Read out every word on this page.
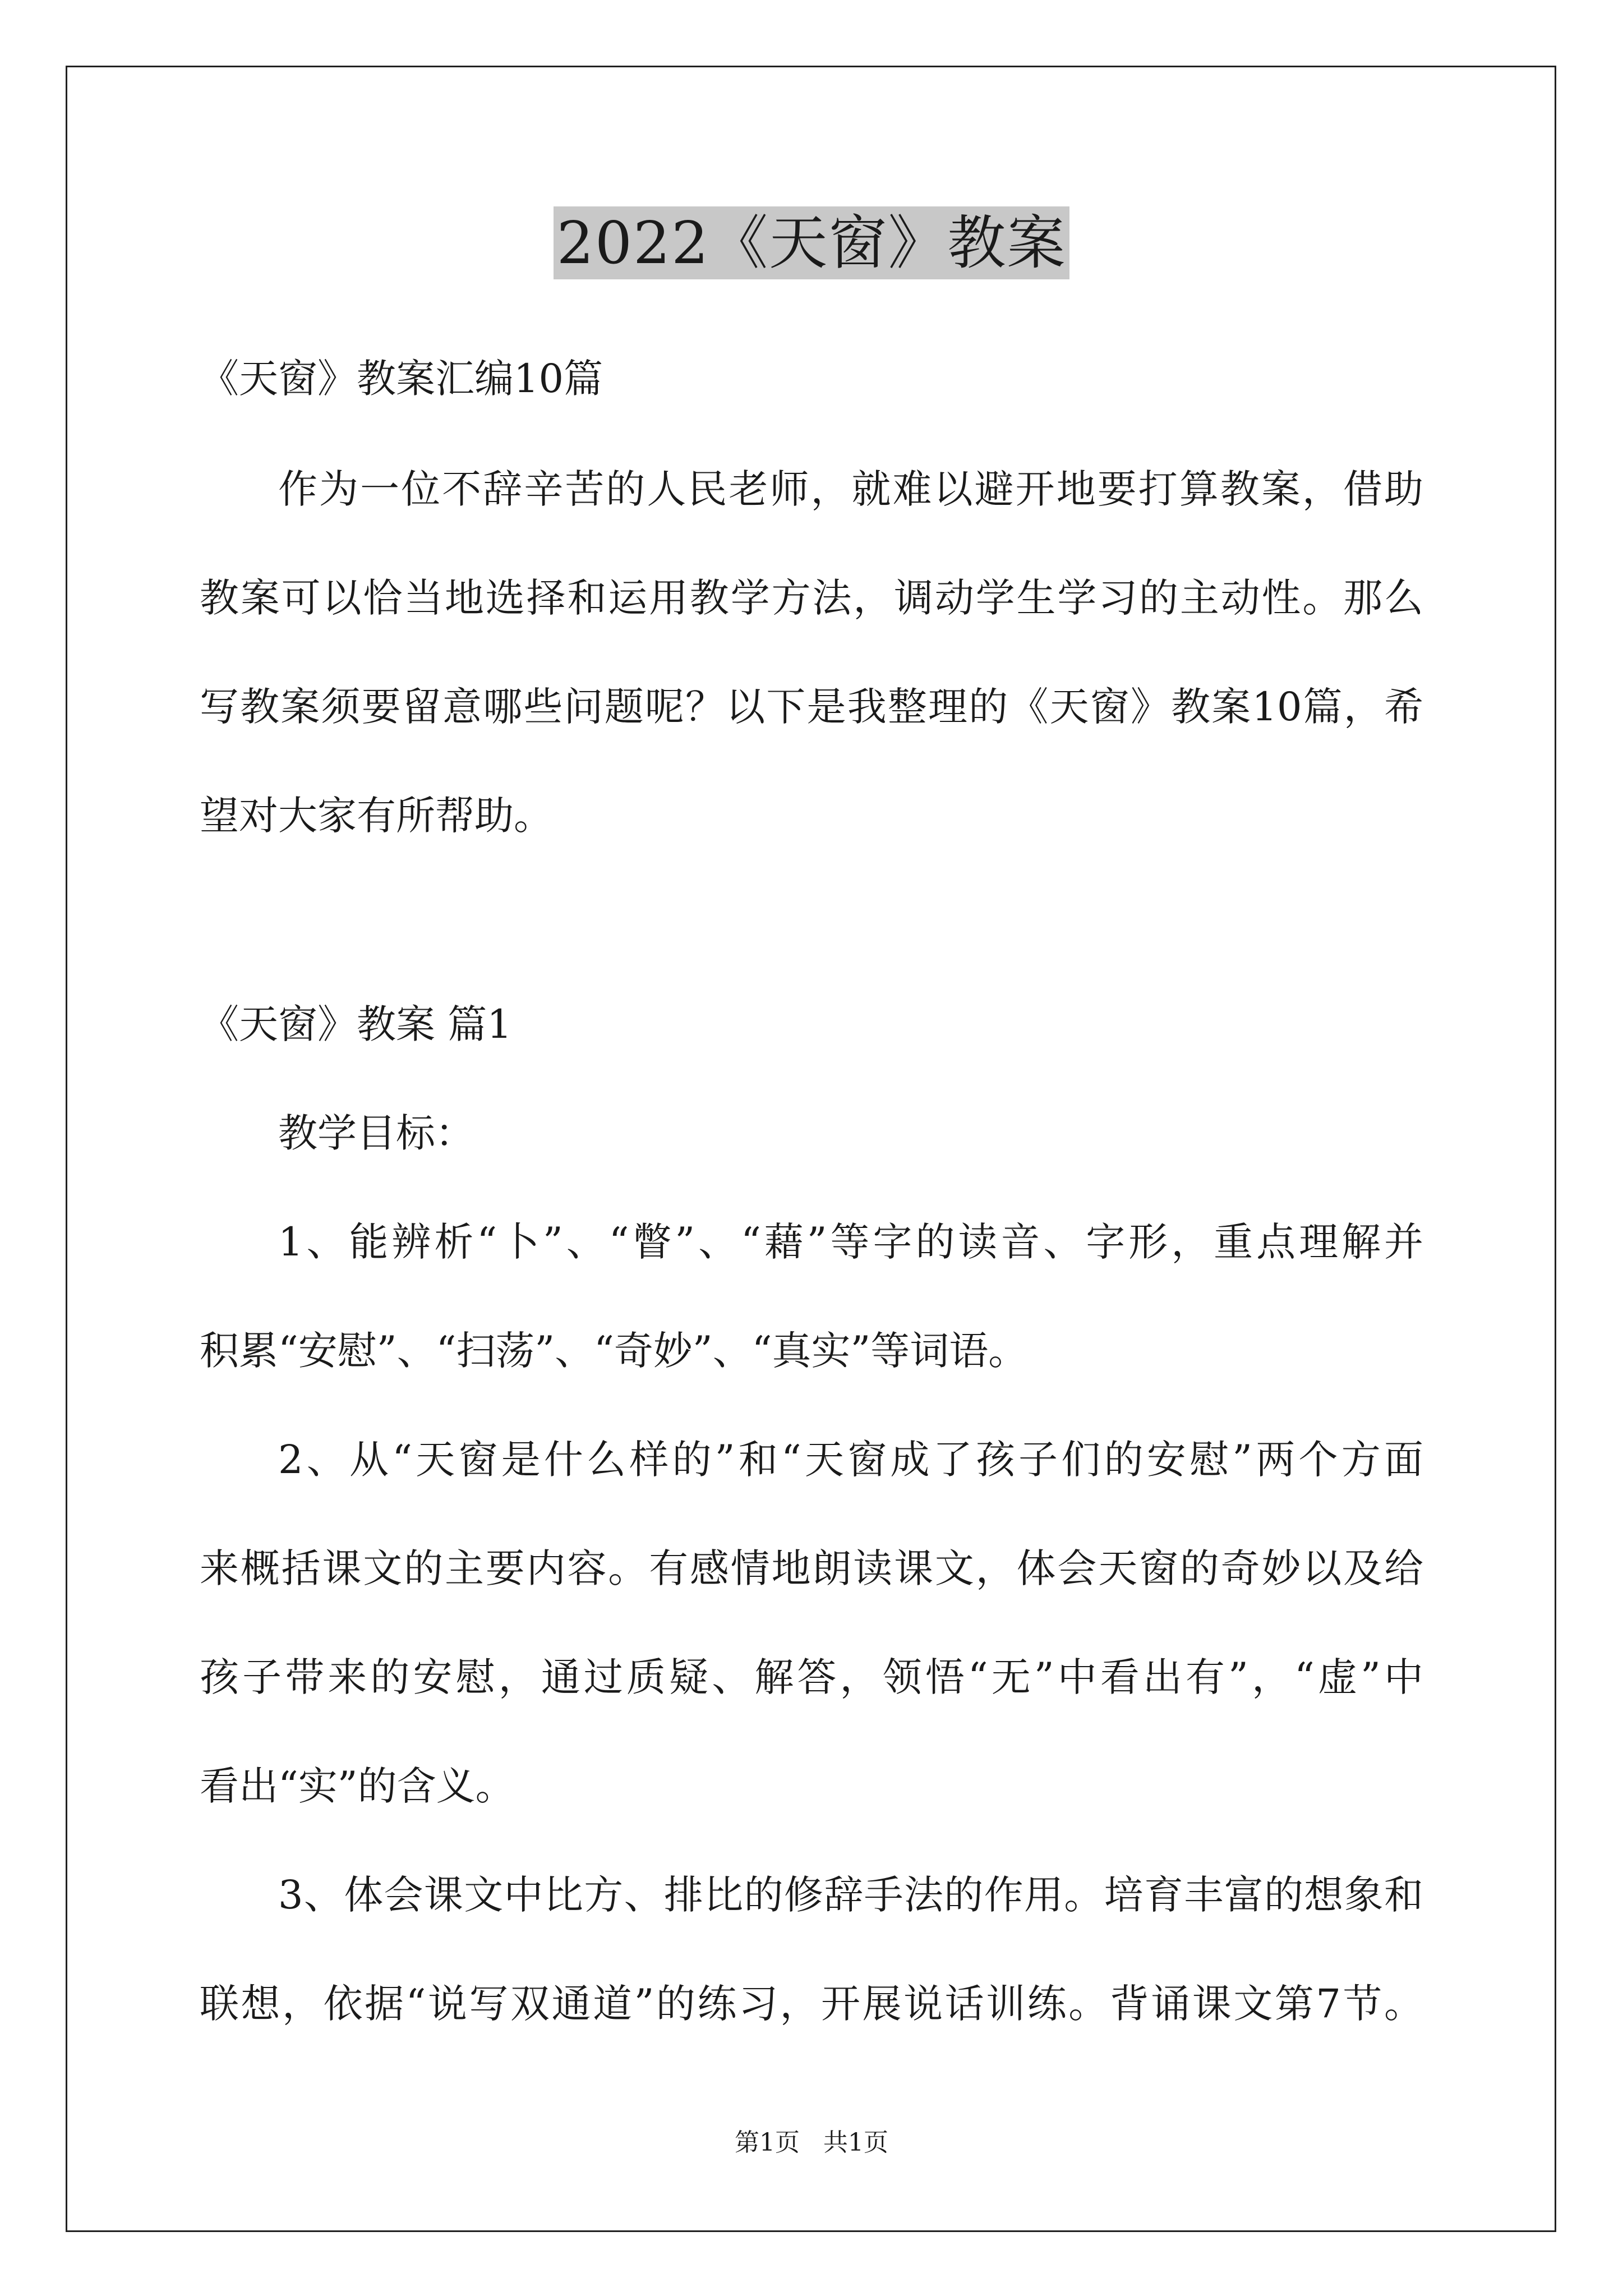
2022《天窗》教案
《天窗》教案汇编10篇
作为一位不辞辛苦的人民老师，就难以避开地要打算教案，借助
教案可以恰当地选择和运用教学方法，调动学生学习的主动性。那么
写教案须要留意哪些问题呢？以下是我整理的《天窗》教案10篇，希
望对大家有所帮助。
《天窗》教案 篇1
教学目标：
1、能辨析“卜”、“瞥”、“藉”等字的读音、字形，重点理解并
积累“安慰”、“扫荡”、“奇妙”、“真实”等词语。
2、从“天窗是什么样的”和“天窗成了孩子们的安慰”两个方面
来概括课文的主要内容。有感情地朗读课文，体会天窗的奇妙以及给
孩子带来的安慰，通过质疑、解答，领悟“无”中看出有”，“虚”中
看出“实”的含义。
3、体会课文中比方、排比的修辞手法的作用。培育丰富的想象和
联想，依据“说写双通道”的练习，开展说话训练。背诵课文第7节。
第1页   共1页
